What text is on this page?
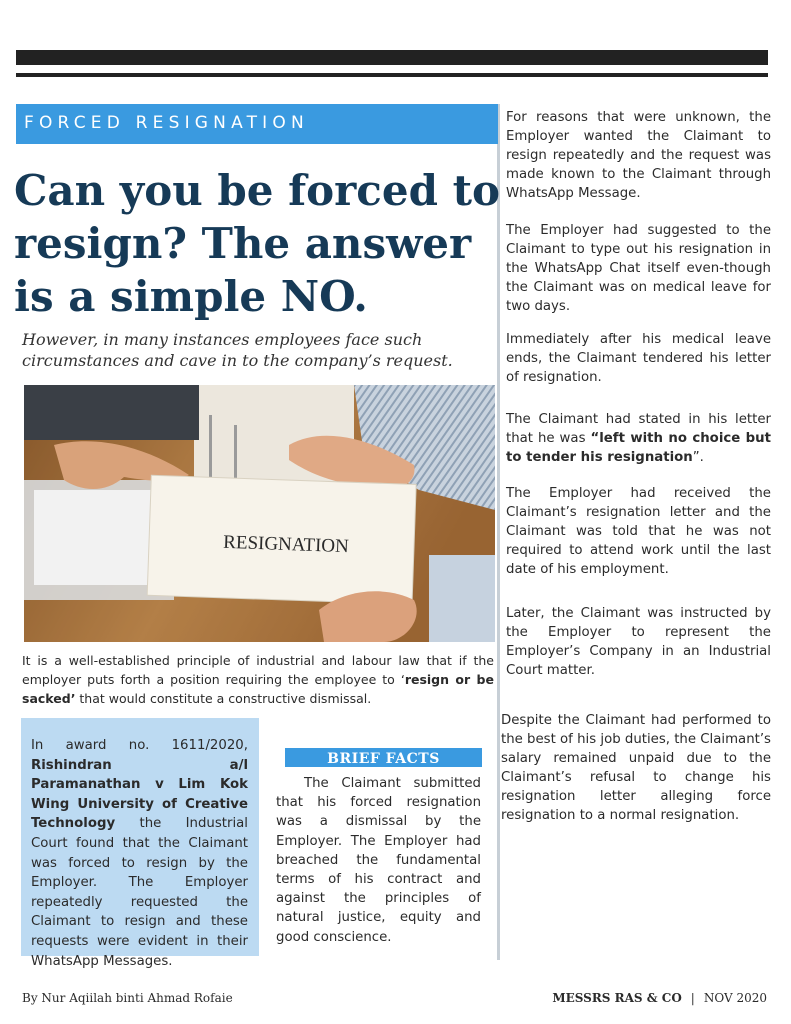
FORCED RESIGNATION
Can you be forced to resign? The answer is a simple NO.

However, in many instances employees face such circumstances and cave in to the company’s request.

RESIGNATION

It is a well-established principle of industrial and labour law that if the employer puts forth a position requiring the employee to ‘resign or be sacked’ that would constitute a constructive dismissal.

In award no. 1611/2020, Rishindran a/l Paramanathan v Lim Kok Wing University of Creative Technology the Industrial Court found that the Claimant was forced to resign by the Employer. The Employer repeatedly requested the Claimant to resign and these requests were evident in their WhatsApp Messages.

BRIEF FACTS

The Claimant submitted that his forced resignation was a dismissal by the Employer. The Employer had breached the fundamental terms of his contract and against the principles of natural justice, equity and good conscience.

For reasons that were unknown, the Employer wanted the Claimant to resign repeatedly and the request was made known to the Claimant through WhatsApp Message.

The Employer had suggested to the Claimant to type out his resignation in the WhatsApp Chat itself even-though the Claimant was on medical leave for two days.

Immediately after his medical leave ends, the Claimant tendered his letter of resignation.

The Claimant had stated in his letter that he was “left with no choice but to tender his resignation”.

The Employer had received the Claimant’s resignation letter and the Claimant was told that he was not required to attend work until the last date of his employment.

Later, the Claimant was instructed by the Employer to represent the Employer’s Company in an Industrial Court matter.

Despite the Claimant had performed to the best of his job duties, the Claimant’s salary remained unpaid due to the Claimant’s refusal to change his resignation letter alleging force resignation to a normal resignation.

By Nur Aqiilah binti Ahmad Rofaie	MESSRS RAS & CO | NOV 2020
